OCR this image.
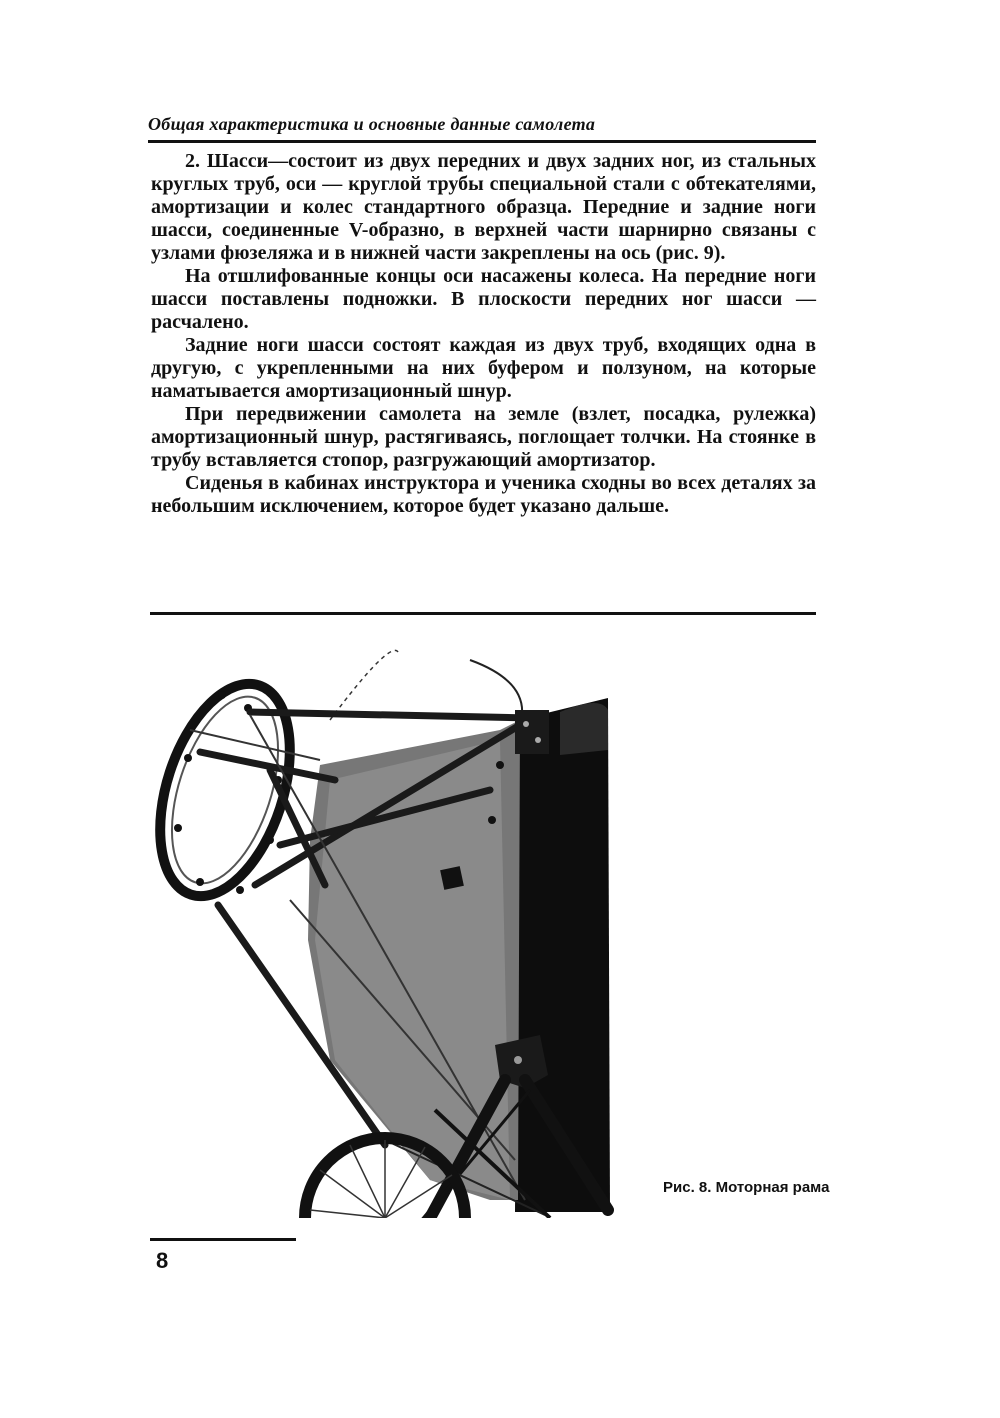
Общая характеристика и основные данные самолета

2. Шасси—состоит из двух передних и двух задних ног, из стальных круглых труб, оси — круглой трубы специальной стали с обтекателями, амортизации и колес стандартного образца. Передние и задние ноги шасси, соединенные V-образно, в верхней части шарнирно связаны с узлами фюзеляжа и в нижней части закреплены на ось (рис. 9).

На отшлифованные концы оси насажены колеса. На передние ноги шасси поставлены подножки. В плоскости передних ног шасси — расчалено.

Задние ноги шасси состоят каждая из двух труб, входящих одна в другую, с укрепленными на них буфером и ползуном, на которые наматывается амортизационный шнур.

При передвижении самолета на земле (взлет, посадка, рулежка) амортизационный шнур, растягиваясь, поглощает толчки. На стоянке в трубу вставляется стопор, разгружающий амортизатор.

Сиденья в кабинах инструктора и ученика сходны во всех деталях за небольшим исключением, которое будет указано дальше.

Рис. 8. Моторная рама
8
